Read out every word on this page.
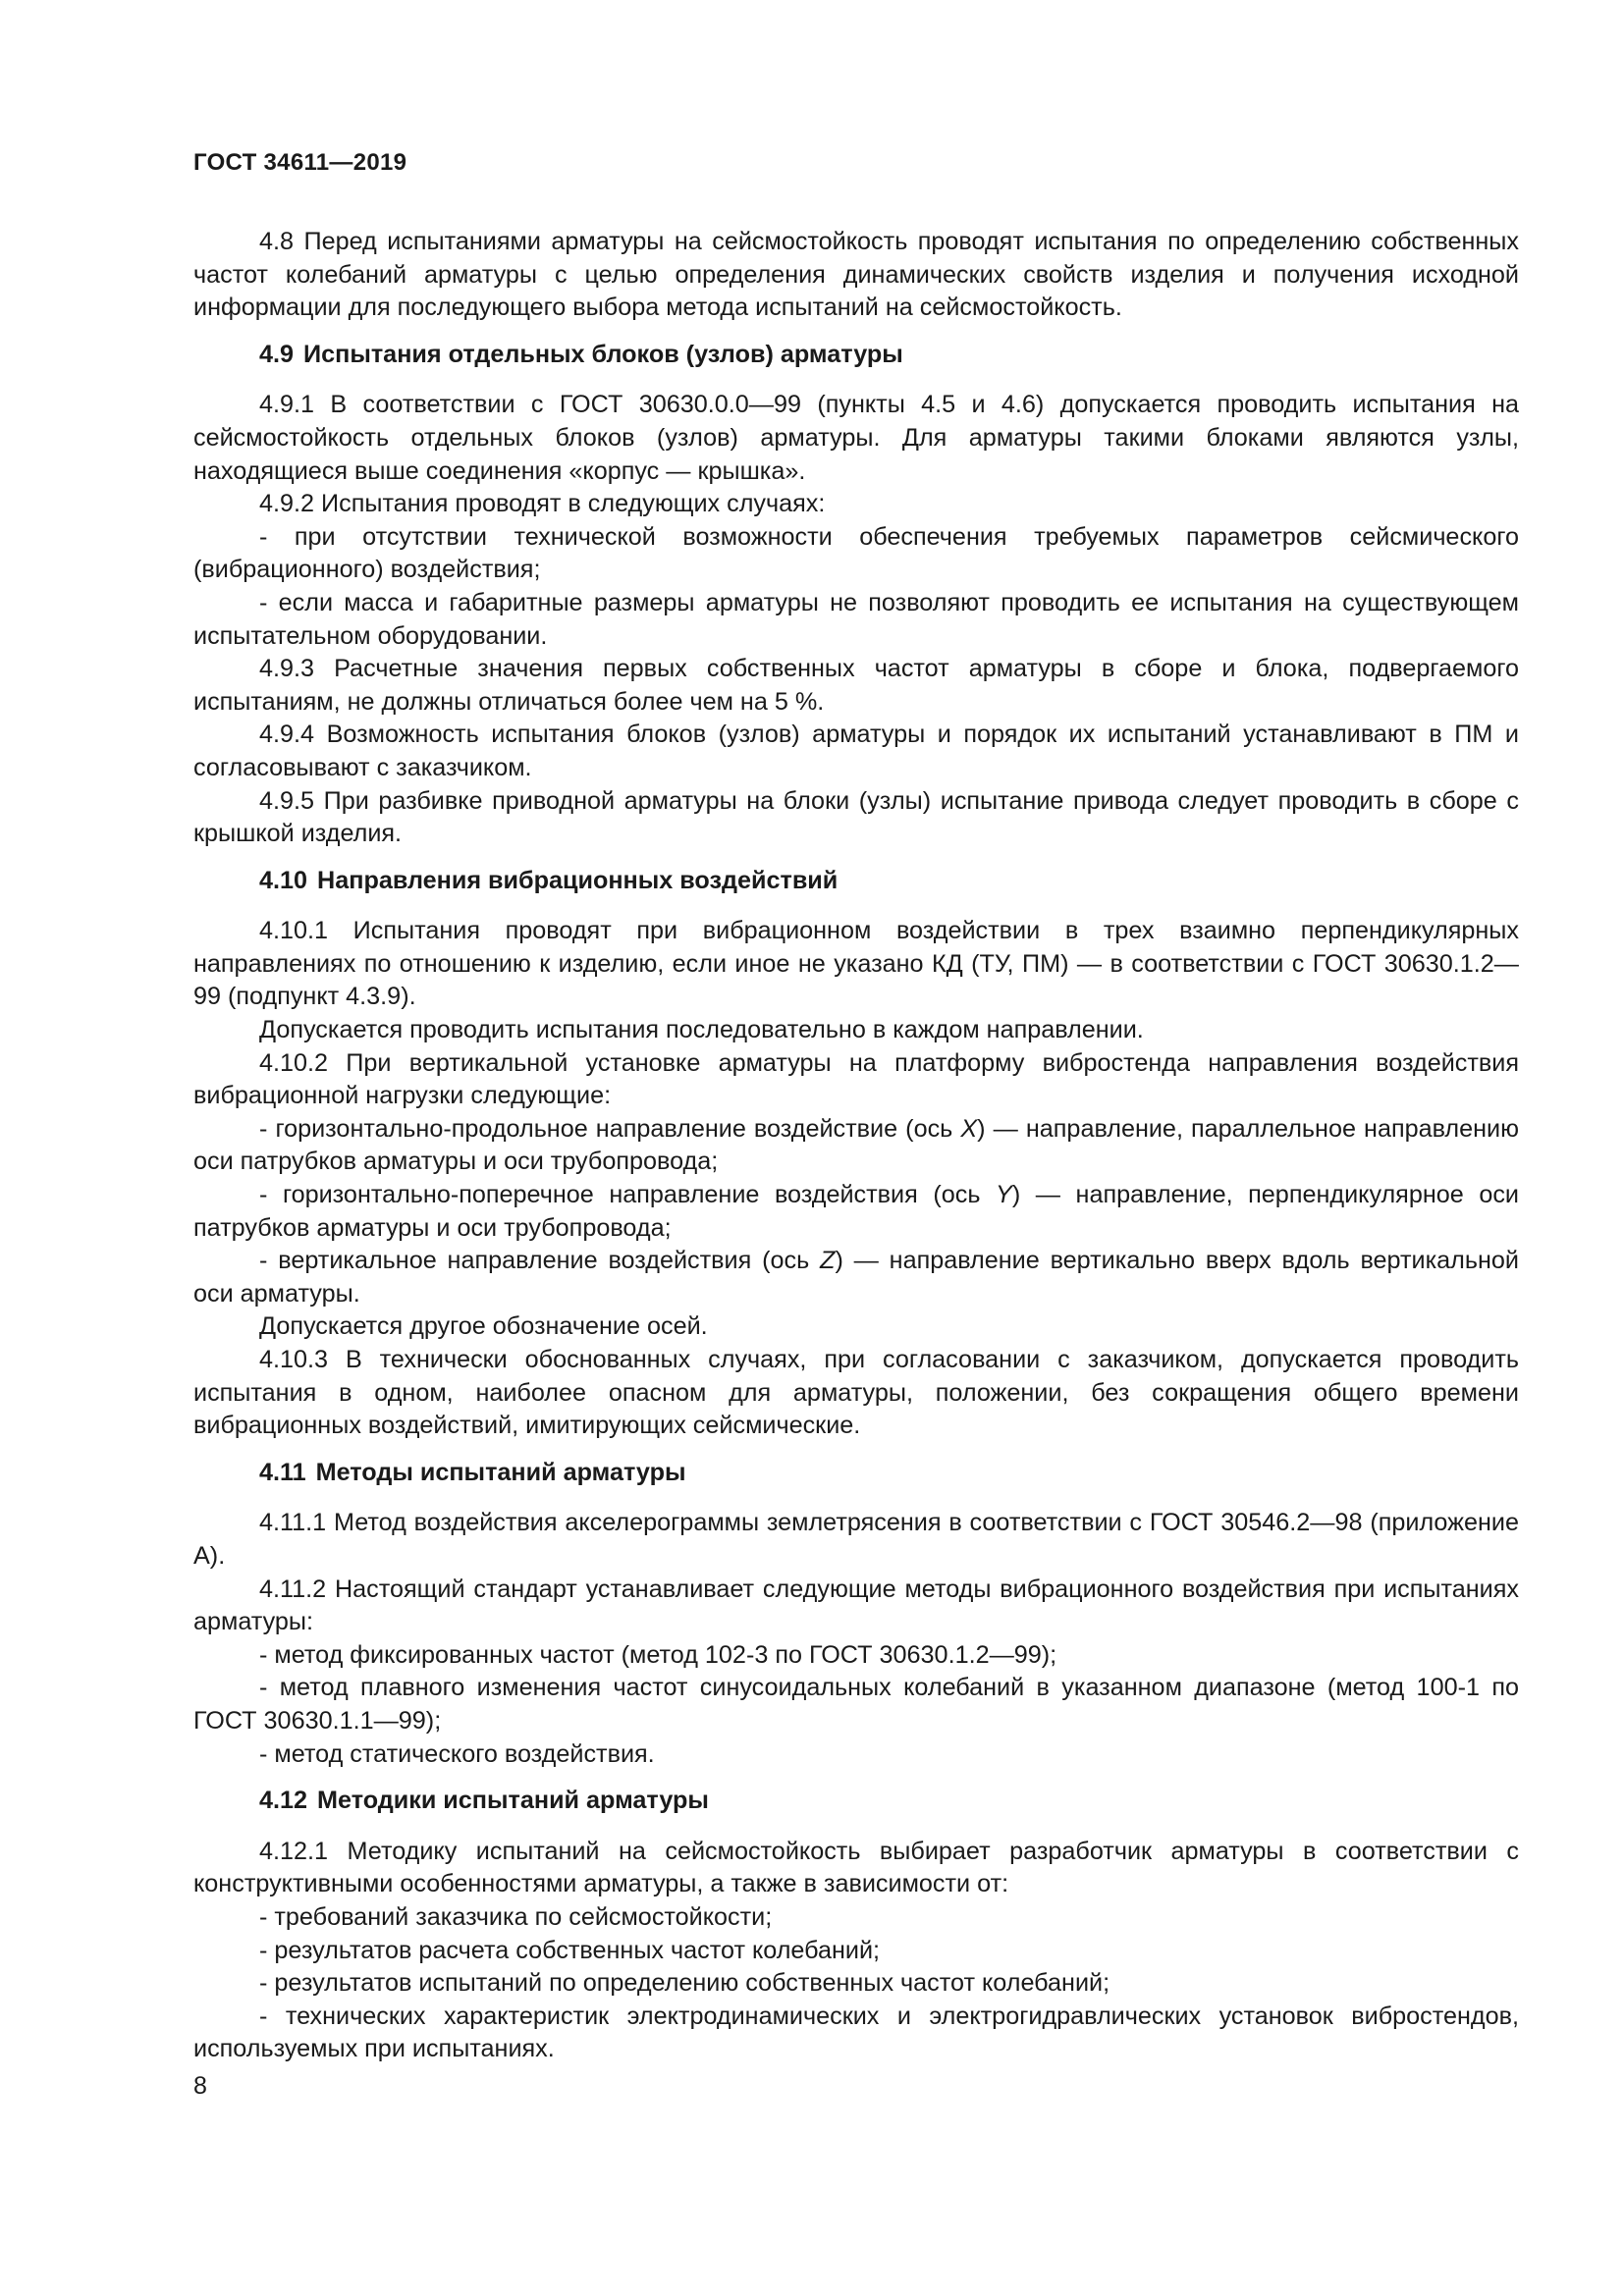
ГОСТ 34611—2019

4.8 Перед испытаниями арматуры на сейсмостойкость проводят испытания по определению собственных частот колебаний арматуры с целью определения динамических свойств изделия и получения исходной информации для последующего выбора метода испытаний на сейсмостойкость.

4.9 Испытания отдельных блоков (узлов) арматуры

4.9.1 В соответствии с ГОСТ 30630.0.0—99 (пункты 4.5 и 4.6) допускается проводить испытания на сейсмостойкость отдельных блоков (узлов) арматуры. Для арматуры такими блоками являются узлы, находящиеся выше соединения «корпус — крышка».

4.9.2 Испытания проводят в следующих случаях:

- при отсутствии технической возможности обеспечения требуемых параметров сейсмического (вибрационного) воздействия;

- если масса и габаритные размеры арматуры не позволяют проводить ее испытания на существующем испытательном оборудовании.

4.9.3 Расчетные значения первых собственных частот арматуры в сборе и блока, подвергаемого испытаниям, не должны отличаться более чем на 5 %.

4.9.4 Возможность испытания блоков (узлов) арматуры и порядок их испытаний устанавливают в ПМ и согласовывают с заказчиком.

4.9.5 При разбивке приводной арматуры на блоки (узлы) испытание привода следует проводить в сборе с крышкой изделия.

4.10 Направления вибрационных воздействий

4.10.1 Испытания проводят при вибрационном воздействии в трех взаимно перпендикулярных направлениях по отношению к изделию, если иное не указано КД (ТУ, ПМ) — в соответствии с ГОСТ 30630.1.2—99 (подпункт 4.3.9).

Допускается проводить испытания последовательно в каждом направлении.

4.10.2 При вертикальной установке арматуры на платформу вибростенда направления воздействия вибрационной нагрузки следующие:

- горизонтально-продольное направление воздействие (ось X) — направление, параллельное направлению оси патрубков арматуры и оси трубопровода;

- горизонтально-поперечное направление воздействия (ось Y) — направление, перпендикулярное оси патрубков арматуры и оси трубопровода;

- вертикальное направление воздействия (ось Z) — направление вертикально вверх вдоль вертикальной оси арматуры.

Допускается другое обозначение осей.

4.10.3 В технически обоснованных случаях, при согласовании с заказчиком, допускается проводить испытания в одном, наиболее опасном для арматуры, положении, без сокращения общего времени вибрационных воздействий, имитирующих сейсмические.

4.11 Методы испытаний арматуры

4.11.1 Метод воздействия акселерограммы землетрясения в соответствии с ГОСТ 30546.2—98 (приложение А).

4.11.2 Настоящий стандарт устанавливает следующие методы вибрационного воздействия при испытаниях арматуры:

- метод фиксированных частот (метод 102-3 по ГОСТ 30630.1.2—99);

- метод плавного изменения частот синусоидальных колебаний в указанном диапазоне (метод 100-1 по ГОСТ 30630.1.1—99);

- метод статического воздействия.

4.12 Методики испытаний арматуры

4.12.1 Методику испытаний на сейсмостойкость выбирает разработчик арматуры в соответствии с конструктивными особенностями арматуры, а также в зависимости от:

- требований заказчика по сейсмостойкости;

- результатов расчета собственных частот колебаний;

- результатов испытаний по определению собственных частот колебаний;

- технических характеристик электродинамических и электрогидравлических установок вибростендов, используемых при испытаниях.

8
